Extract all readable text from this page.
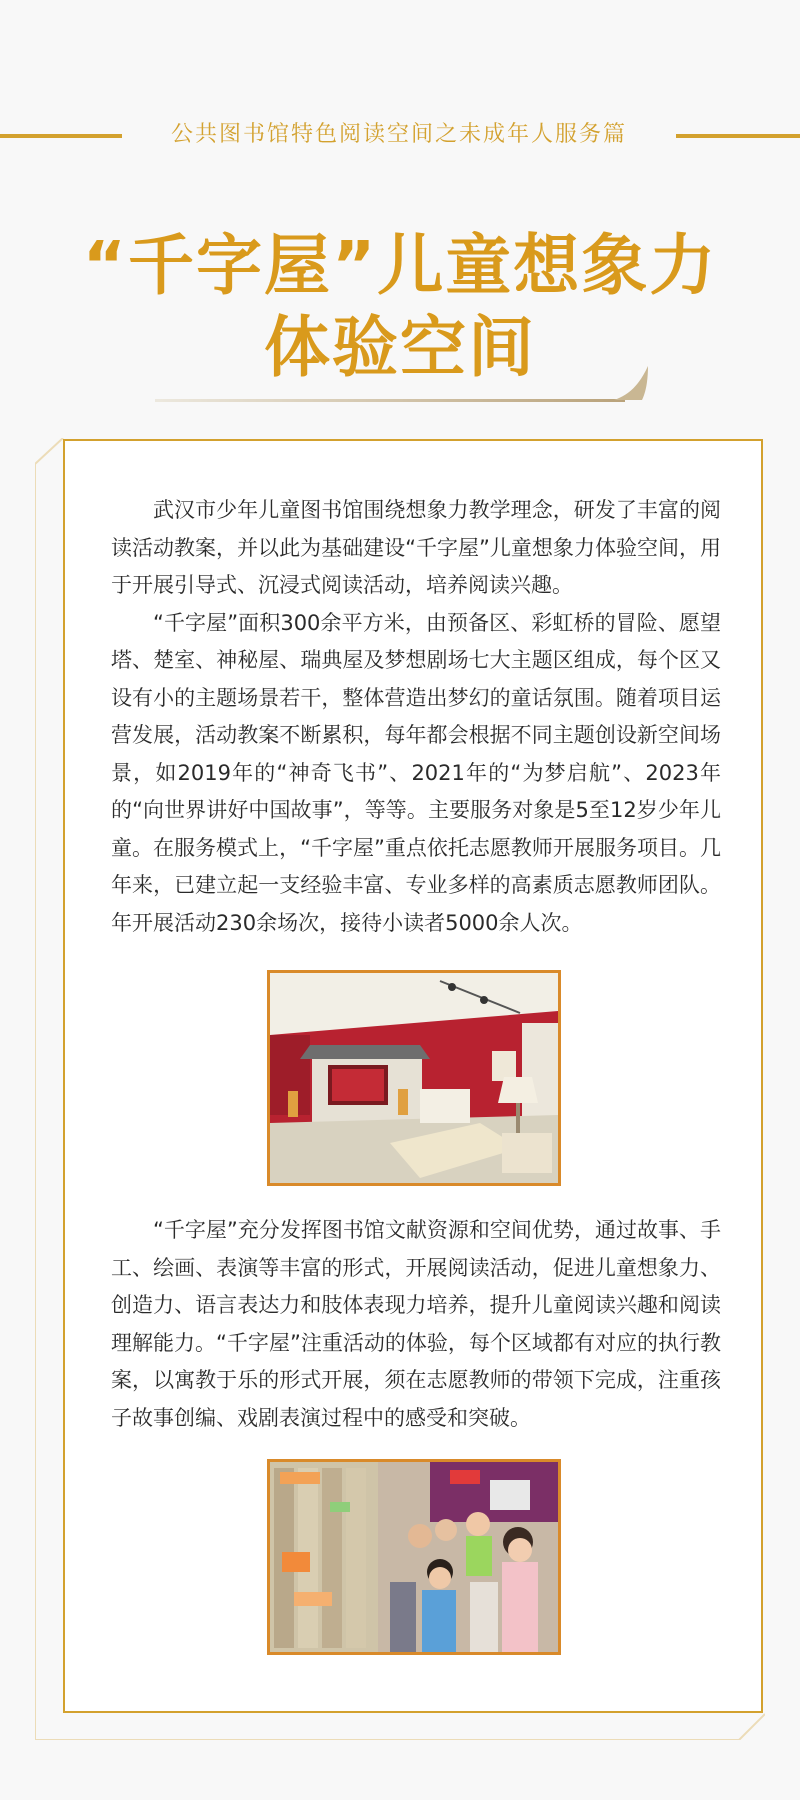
公共图书馆特色阅读空间之未成年人服务篇
“千字屋”儿童想象力
体验空间

武汉市少年儿童图书馆围绕想象力教学理念，研发了丰富的阅读活动教案，并以此为基础建设“千字屋”儿童想象力体验空间，用于开展引导式、沉浸式阅读活动，培养阅读兴趣。

“千字屋”面积300余平方米，由预备区、彩虹桥的冒险、愿望塔、楚室、神秘屋、瑞典屋及梦想剧场七大主题区组成，每个区又设有小的主题场景若干，整体营造出梦幻的童话氛围。随着项目运营发展，活动教案不断累积，每年都会根据不同主题创设新空间场景，如2019年的“神奇飞书”、2021年的“为梦启航”、2023年的“向世界讲好中国故事”，等等。主要服务对象是5至12岁少年儿童。在服务模式上，“千字屋”重点依托志愿教师开展服务项目。几年来，已建立起一支经验丰富、专业多样的高素质志愿教师团队。年开展活动230余场次，接待小读者5000余人次。

“千字屋”充分发挥图书馆文献资源和空间优势，通过故事、手工、绘画、表演等丰富的形式，开展阅读活动，促进儿童想象力、创造力、语言表达力和肢体表现力培养，提升儿童阅读兴趣和阅读理解能力。“千字屋”注重活动的体验，每个区域都有对应的执行教案，以寓教于乐的形式开展，须在志愿教师的带领下完成，注重孩子故事创编、戏剧表演过程中的感受和突破。
